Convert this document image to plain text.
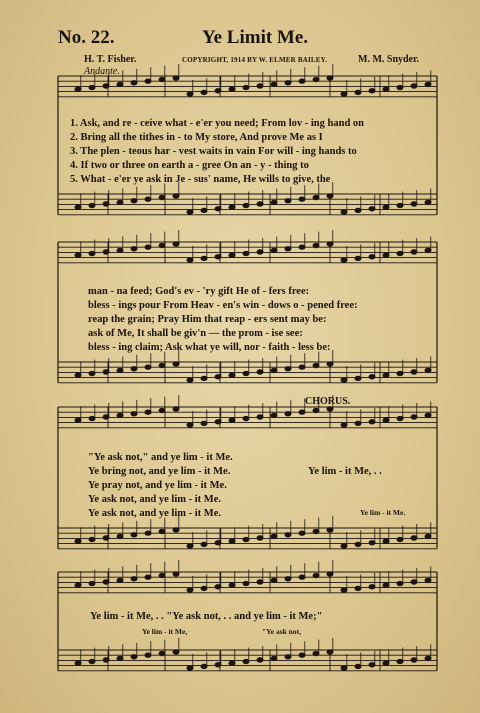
No. 22.	Ye Limit Me.
H. T. Fisher.	COPYRIGHT, 1914 BY W. ELMER BAILEY.	M. M. Snyder.
Andante.
1. Ask, and re - ceive what - e'er you need; From lov - ing hand on
2. Bring all the tithes in - to My store, And prove Me as I
3. The plen - teous har - vest waits in vain For will - ing hands to
4. If two or three on earth a - gree On an - y - thing to
5. What - e'er ye ask in Je - sus' name, He wills to give, the
man - na feed; God's ev - 'ry gift He of - fers free:
bless - ings pour From Heav - en's win - dows o - pened free:
reap the grain; Pray Him that reap - ers sent may be:
ask of Me, It shall be giv'n — the prom - ise see:
bless - ing claim; Ask what ye will, nor - faith - less be:
CHORUS.
"Ye ask not," and ye lim - it Me.
Ye bring not, and ye lim - it Me.
Ye pray not, and ye lim - it Me.
Ye ask not, and ye lim - it Me.
Ye ask not, and ye lim - it Me.
Ye lim - it Me, . .
Ye lim - it Me.
Ye lim - it Me, . . "Ye ask not, . . and ye lim - it Me;"
Ye lim - it Me,	"Ye ask not,
